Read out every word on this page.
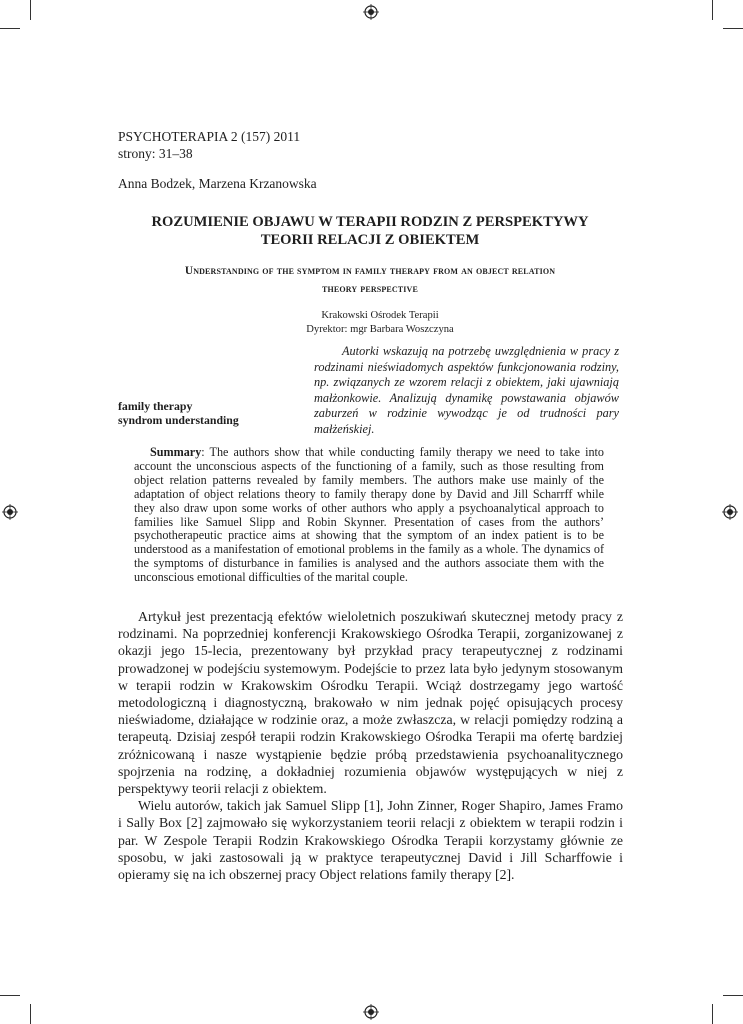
PSYCHOTERAPIA 2 (157) 2011
strony: 31–38
Anna Bodzek, Marzena Krzanowska
ROZUMIENIE OBJAWU W TERAPII RODZIN Z PERSPEKTYWY
TEORII RELACJI Z OBIEKTEM
Understanding of the symptom in family therapy from an object relation
theory perspective
Krakowski Ośrodek Terapii
Dyrektor: mgr Barbara Woszczyna
Autorki wskazują na potrzebę uwzględnienia w pracy z rodzinami nieświadomych aspektów funkcjonowania rodziny, np. związanych ze wzorem relacji z obiektem, jaki ujawniają małżonkowie. Analizują dynamikę powstawania objawów zaburzeń w rodzinie wywodząc je od trudności pary małżeńskiej.
family therapy
syndrom understanding
Summary: The authors show that while conducting family therapy we need to take into account the unconscious aspects of the functioning of a family, such as those resulting from object relation patterns revealed by family members. The authors make use mainly of the adaptation of object relations theory to family therapy done by David and Jill Scharrff while they also draw upon some works of other authors who apply a psychoanalytical approach to families like Samuel Slipp and Robin Skynner. Presentation of cases from the authors’ psychotherapeutic practice aims at showing that the symptom of an index patient is to be understood as a manifestation of emotional problems in the family as a whole. The dynamics of the symptoms of disturbance in families is analysed and the authors associate them with the unconscious emotional difficulties of the marital couple.

Artykuł jest prezentacją efektów wieloletnich poszukiwań skutecznej metody pracy z rodzinami. Na poprzedniej konferencji Krakowskiego Ośrodka Terapii, zorganizowanej z okazji jego 15-lecia, prezentowany był przykład pracy terapeutycznej z rodzinami prowadzonej w podejściu systemowym. Podejście to przez lata było jedynym stosowanym w terapii rodzin w Krakowskim Ośrodku Terapii. Wciąż dostrzegamy jego wartość metodologiczną i diagnostyczną, brakowało w nim jednak pojęć opisujących procesy nieświadome, działające w rodzinie oraz, a może zwłaszcza, w relacji pomiędzy rodziną a terapeutą. Dzisiaj zespół terapii rodzin Krakowskiego Ośrodka Terapii ma ofertę bardziej zróżnicowaną i nasze wystąpienie będzie próbą przedstawienia psychoanalitycznego spojrzenia na rodzinę, a dokładniej rozumienia objawów występujących w niej z perspektywy teorii relacji z obiektem.

Wielu autorów, takich jak Samuel Slipp [1], John Zinner, Roger Shapiro, James Framo i Sally Box [2] zajmowało się wykorzystaniem teorii relacji z obiektem w terapii rodzin i par. W Zespole Terapii Rodzin Krakowskiego Ośrodka Terapii korzystamy głównie ze sposobu, w jaki zastosowali ją w praktyce terapeutycznej David i Jill Scharffowie i opieramy się na ich obszernej pracy Object relations family therapy [2].
